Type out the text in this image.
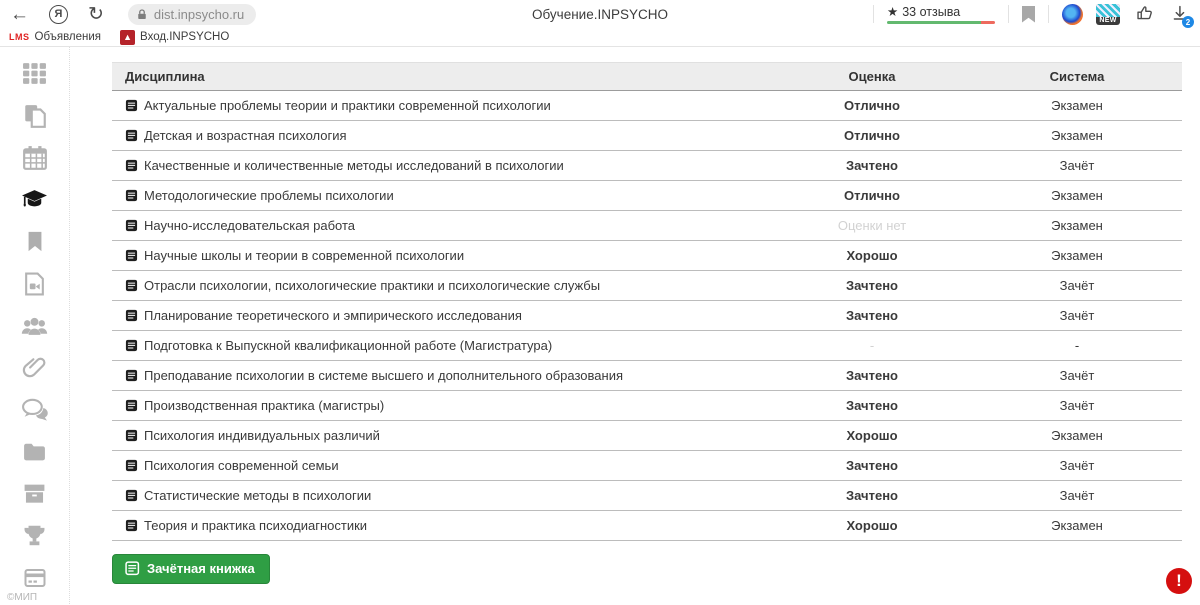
←	Я ↻	dist.inpsycho.ru	Обучение.INPSYCHO	★ 33 отзыва
NEW	2
LMS Объявления	▲ Вход.INPSYCHO
©МИП
Дисциплина	Оценка	Система
Актуальные проблемы теории и практики современной психологии	Отлично	Экзамен
Детская и возрастная психология	Отлично	Экзамен
Качественные и количественные методы исследований в психологии	Зачтено	Зачёт
Методологические проблемы психологии	Отлично	Экзамен
Научно-исследовательская работа	Оценки нет	Экзамен
Научные школы и теории в современной психологии	Хорошо	Экзамен
Отрасли психологии, психологические практики и психологические службы	Зачтено	Зачёт
Планирование теоретического и эмпирического исследования	Зачтено	Зачёт
Подготовка к Выпускной квалификационной работе (Магистратура)	-	-
Преподавание психологии в системе высшего и дополнительного образования	Зачтено	Зачёт
Производственная практика (магистры)	Зачтено	Зачёт
Психология индивидуальных различий	Хорошо	Экзамен
Психология современной семьи	Зачтено	Зачёт
Статистические методы в психологии	Зачтено	Зачёт
Теория и практика психодиагностики	Хорошо	Экзамен
Зачётная книжка
!
